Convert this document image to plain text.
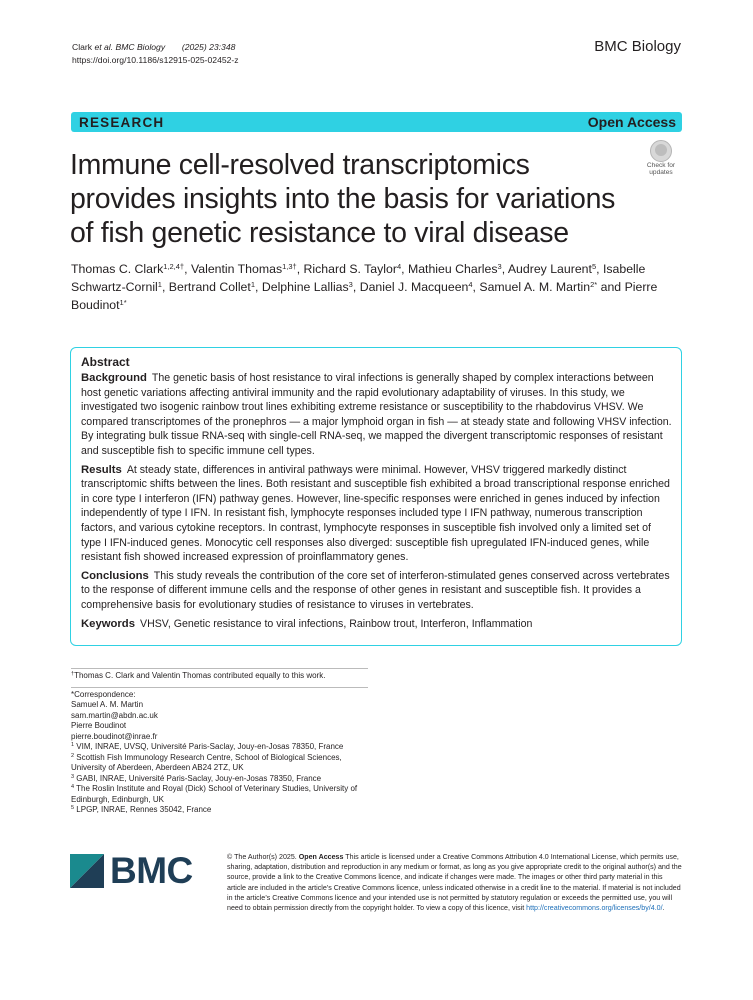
Clark et al. BMC Biology (2025) 23:348
https://doi.org/10.1186/s12915-025-02452-z
BMC Biology
RESEARCH	Open Access
Immune cell-resolved transcriptomics
provides insights into the basis for variations
of fish genetic resistance to viral disease
Check for
updates
Thomas C. Clark$^{1,2,4\dagger}$, Valentin Thomas$^{1,3\dagger}$, Richard S. Taylor$^4$, Mathieu Charles$^3$, Audrey Laurent$^5$, Isabelle Schwartz-Cornil$^1$, Bertrand Collet$^1$, Delphine Lallias$^3$, Daniel J. Macqueen$^4$, Samuel A. M. Martin$^{2*}$ and Pierre Boudinot$^{1*}$
Abstract

Background The genetic basis of host resistance to viral infections is generally shaped by complex interactions between host genetic variations affecting antiviral immunity and the rapid evolutionary adaptability of viruses. In this study, we investigated two isogenic rainbow trout lines exhibiting extreme resistance or susceptibility to the rhabdovirus VHSV. We compared transcriptomes of the pronephros — a major lymphoid organ in fish — at steady state and following VHSV infection. By integrating bulk tissue RNA-seq with single-cell RNA-seq, we mapped the divergent transcriptomic responses of resistant and susceptible fish to specific immune cell types.

Results At steady state, differences in antiviral pathways were minimal. However, VHSV triggered markedly distinct transcriptomic shifts between the lines. Both resistant and susceptible fish exhibited a broad transcriptional response enriched in core type I interferon (IFN) pathway genes. However, line-specific responses were enriched in genes induced by infection independently of type I IFN. In resistant fish, lymphocyte responses included type I IFN pathway, numerous transcription factors, and various cytokine receptors. In contrast, lymphocyte responses in susceptible fish involved only a limited set of type I IFN-induced genes. Monocytic cell responses also diverged: susceptible fish upregulated IFN-induced genes, while resistant fish showed increased expression of proinflammatory genes.

Conclusions This study reveals the contribution of the core set of interferon-stimulated genes conserved across vertebrates to the response of different immune cells and the response of other genes in resistant and susceptible fish. It provides a comprehensive basis for evolutionary studies of resistance to viruses in vertebrates.

Keywords VHSV, Genetic resistance to viral infections, Rainbow trout, Interferon, Inflammation

†Thomas C. Clark and Valentin Thomas contributed equally to this work.
*Correspondence:
Samuel A. M. Martin
sam.martin@abdn.ac.uk
Pierre Boudinot
pierre.boudinot@inrae.fr
$^1$ VIM, INRAE, UVSQ, Université Paris-Saclay, Jouy-en-Josas 78350, France
$^2$ Scottish Fish Immunology Research Centre, School of Biological Sciences, University of Aberdeen, Aberdeen AB24 2TZ, UK
$^3$ GABI, INRAE, Université Paris-Saclay, Jouy-en-Josas 78350, France
$^4$ The Roslin Institute and Royal (Dick) School of Veterinary Studies, University of Edinburgh, Edinburgh, UK
$^5$ LPGP, INRAE, Rennes 35042, France
BMC	© The Author(s) 2025. Open Access This article is licensed under a Creative Commons Attribution 4.0 International License, which permits use, sharing, adaptation, distribution and reproduction in any medium or format, as long as you give appropriate credit to the original author(s) and the source, provide a link to the Creative Commons licence, and indicate if changes were made. The images or other third party material in this article are included in the article’s Creative Commons licence, unless indicated otherwise in a credit line to the material. If material is not included in the article’s Creative Commons licence and your intended use is not permitted by statutory regulation or exceeds the permitted use, you will need to obtain permission directly from the copyright holder. To view a copy of this licence, visit http://creativecommons.org/licenses/by/4.0/.
